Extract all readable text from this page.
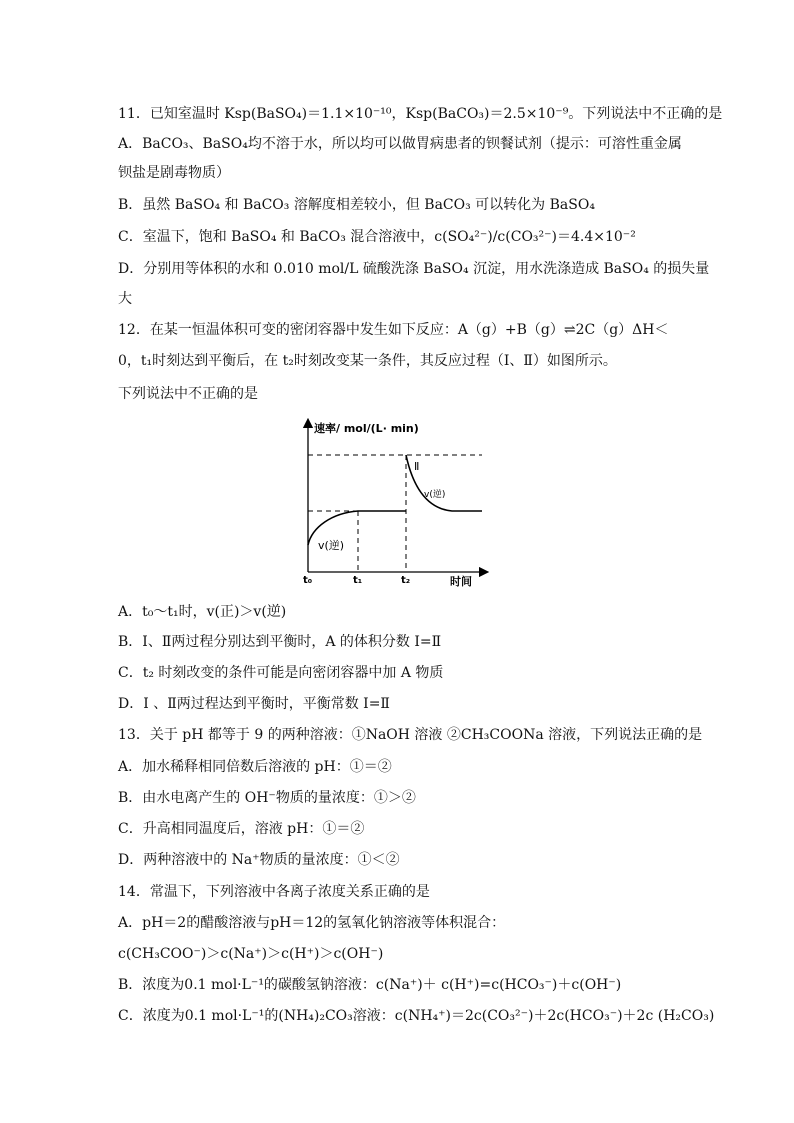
11．已知室温时 Ksp(BaSO₄)＝1.1×10⁻¹⁰，Ksp(BaCO₃)＝2.5×10⁻⁹。下列说法中不正确的是
A．BaCO₃、BaSO₄均不溶于水，所以均可以做胃病患者的钡餐试剂（提示：可溶性重金属
钡盐是剧毒物质）
B．虽然 BaSO₄ 和 BaCO₃ 溶解度相差较小，但 BaCO₃ 可以转化为 BaSO₄
C．室温下，饱和 BaSO₄ 和 BaCO₃ 混合溶液中，c(SO₄²⁻)/c(CO₃²⁻)＝4.4×10⁻²
D．分别用等体积的水和 0.010 mol/L 硫酸洗涤 BaSO₄ 沉淀，用水洗涤造成 BaSO₄ 的损失量
大
12．在某一恒温体积可变的密闭容器中发生如下反应：A（g）+B（g）⇌2C（g）ΔH＜
0，t₁时刻达到平衡后，在 t₂时刻改变某一条件，其反应过程（Ⅰ、Ⅱ）如图所示。
下列说法中不正确的是
速率/ mol/(L· min)
时间
t₀	t₁	t₂
v(逆)
Ⅱ
v(逆)
A．t₀～t₁时，v(正)＞v(逆)
B．Ⅰ、Ⅱ两过程分别达到平衡时，A 的体积分数 Ⅰ=Ⅱ
C．t₂ 时刻改变的条件可能是向密闭容器中加 A 物质
D．Ⅰ 、Ⅱ两过程达到平衡时，平衡常数 Ⅰ=Ⅱ
13．关于 pH 都等于 9 的两种溶液：①NaOH 溶液 ②CH₃COONa 溶液，下列说法正确的是
A．加水稀释相同倍数后溶液的 pH：①＝②
B．由水电离产生的 OH⁻物质的量浓度：①＞②
C．升高相同温度后，溶液 pH：①＝②
D．两种溶液中的 Na⁺物质的量浓度：①＜②
14．常温下，下列溶液中各离子浓度关系正确的是
A．pH＝2的醋酸溶液与pH＝12的氢氧化钠溶液等体积混合：
c(CH₃COO⁻)＞c(Na⁺)＞c(H⁺)＞c(OH⁻)
B．浓度为0.1 mol·L⁻¹的碳酸氢钠溶液：c(Na⁺)＋ c(H⁺)=c(HCO₃⁻)＋c(OH⁻)
C．浓度为0.1 mol·L⁻¹的(NH₄)₂CO₃溶液：c(NH₄⁺)＝2c(CO₃²⁻)＋2c(HCO₃⁻)＋2c (H₂CO₃)
